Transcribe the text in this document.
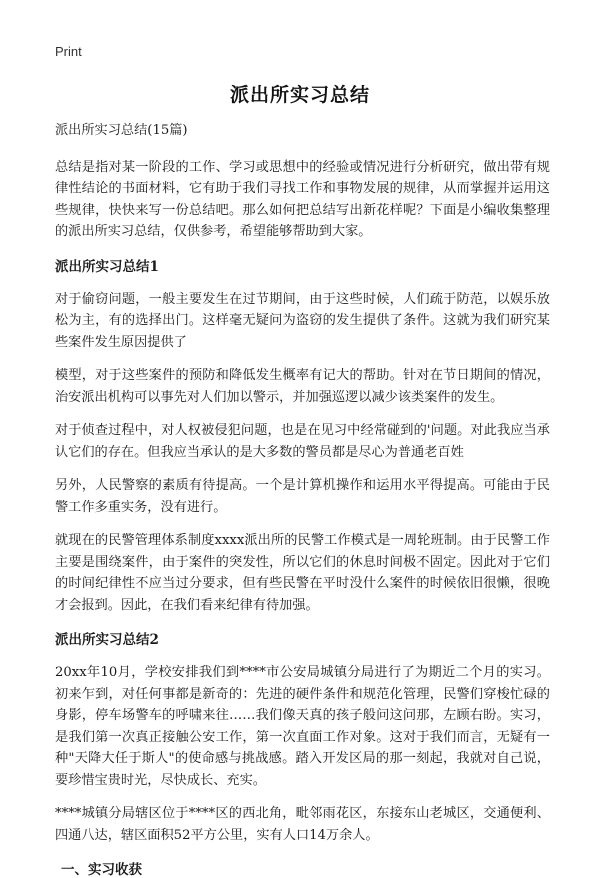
Print
派出所实习总结

派出所实习总结(15篇)

总结是指对某一阶段的工作、学习或思想中的经验或情况进行分析研究，做出带有规律性结论的书面材料，它有助于我们寻找工作和事物发展的规律，从而掌握并运用这些规律，快快来写一份总结吧。那么如何把总结写出新花样呢？下面是小编收集整理的派出所实习总结，仅供参考，希望能够帮助到大家。

派出所实习总结1

对于偷窃问题，一般主要发生在过节期间，由于这些时候，人们疏于防范，以娱乐放松为主，有的选择出门。这样毫无疑问为盗窃的发生提供了条件。这就为我们研究某些案件发生原因提供了

模型，对于这些案件的预防和降低发生概率有记大的帮助。针对在节日期间的情况，治安派出机构可以事先对人们加以警示，并加强巡逻以减少该类案件的发生。

对于侦查过程中，对人权被侵犯问题，也是在见习中经常碰到的'问题。对此我应当承认它们的存在。但我应当承认的是大多数的警员都是尽心为普通老百姓

另外，人民警察的素质有待提高。一个是计算机操作和运用水平得提高。可能由于民警工作多重实务，没有进行。

就现在的民警管理体系制度xxxx派出所的民警工作模式是一周轮班制。由于民警工作主要是围绕案件，由于案件的突发性，所以它们的休息时间极不固定。因此对于它们的时间纪律性不应当过分要求，但有些民警在平时没什么案件的时候依旧很懒，很晚才会报到。因此，在我们看来纪律有待加强。

派出所实习总结2

20xx年10月，学校安排我们到****市公安局城镇分局进行了为期近二个月的实习。初来乍到，对任何事都是新奇的：先进的硬件条件和规范化管理，民警们穿梭忙碌的身影，停车场警车的呼啸来往……我们像天真的孩子般问这问那，左顾右盼。实习，是我们第一次真正接触公安工作，第一次直面工作对象。这对于我们而言，无疑有一种"天降大任于斯人"的使命感与挑战感。踏入开发区局的那一刻起，我就对自己说，要珍惜宝贵时光，尽快成长、充实。

****城镇分局辖区位于****区的西北角，毗邻雨花区，东接东山老城区，交通便利、四通八达，辖区面积52平方公里，实有人口14万余人。

一、实习收获
